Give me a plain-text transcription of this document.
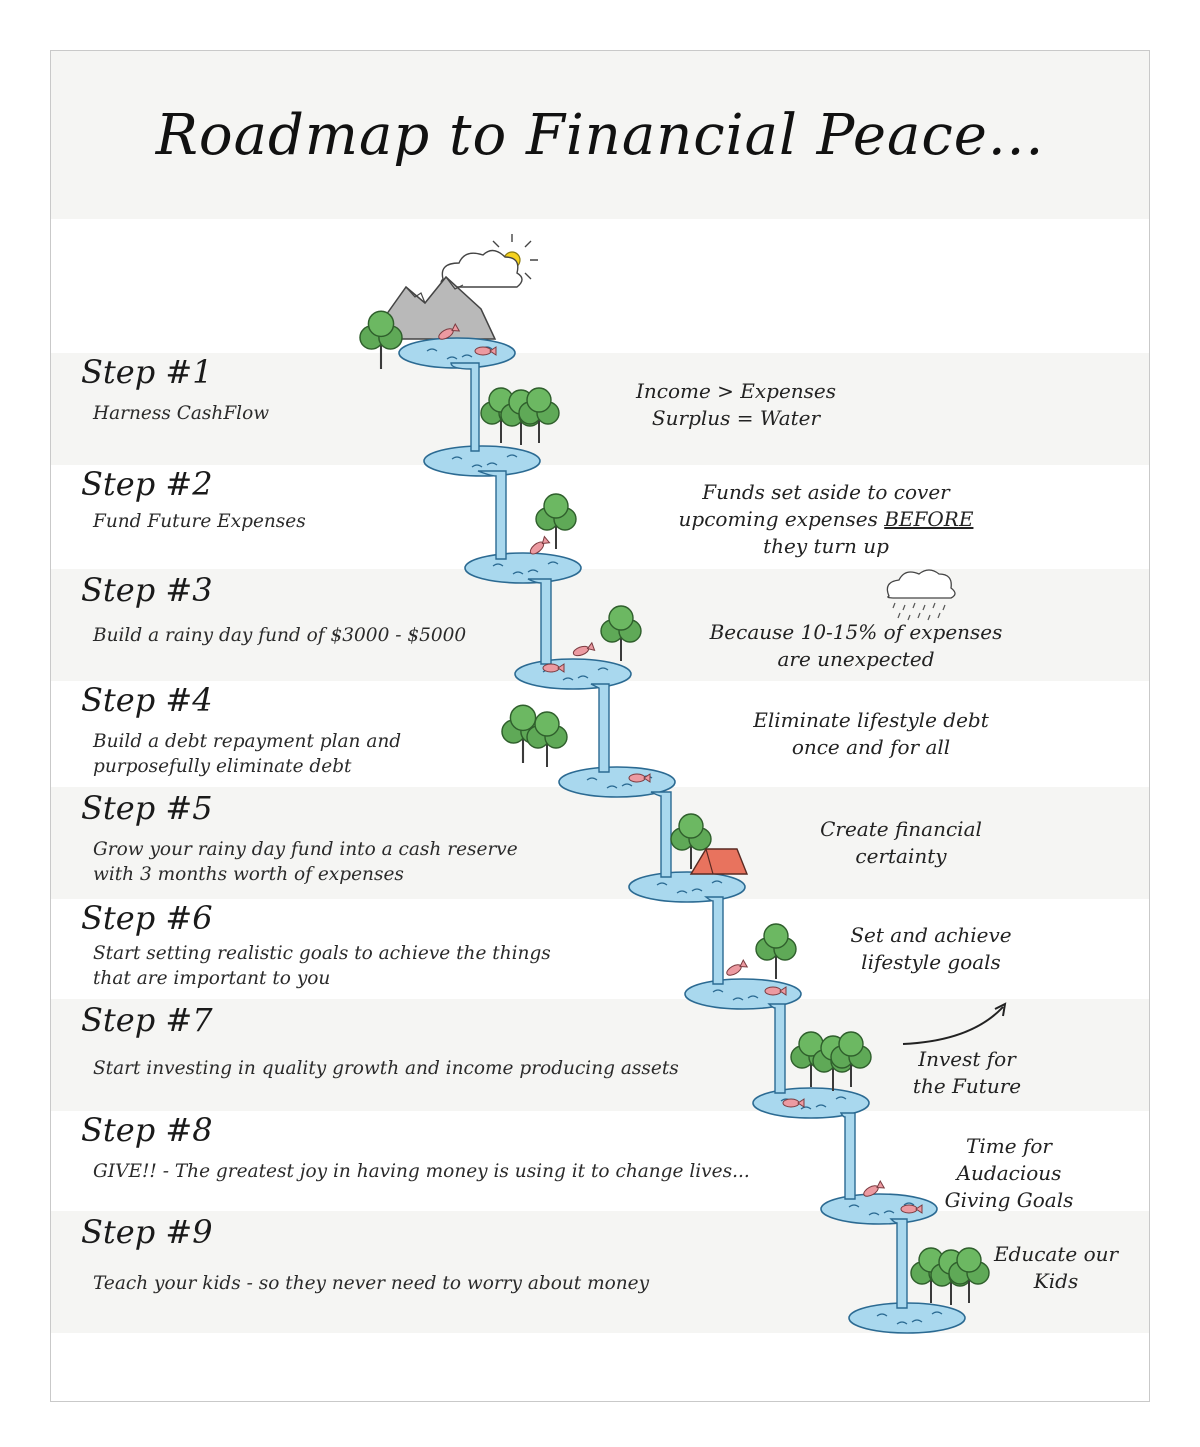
Roadmap to Financial Peace...
Step #1
Harness CashFlow
Step #2
Fund Future Expenses
Step #3
Build a rainy day fund of $3000 - $5000
Step #4
Build a debt repayment plan and
purposefully eliminate debt
Step #5
Grow your rainy day fund into a cash reserve
with 3 months worth of expenses
Step #6
Start setting realistic goals to achieve the things
that are important to you
Step #7
Start investing in quality growth and income producing assets
Step #8
GIVE!! - The greatest joy in having money is using it to change lives...
Step #9
Teach your kids - so they never need to worry about money
Income > Expenses
Surplus = Water
Funds set aside to cover
upcoming expenses BEFORE
they turn up
Because 10-15% of expenses
are unexpected
Eliminate lifestyle debt
once and for all
Create financial
certainty
Set and achieve
lifestyle goals
Invest for
the Future
Time for Audacious
Giving Goals
Educate our
Kids
